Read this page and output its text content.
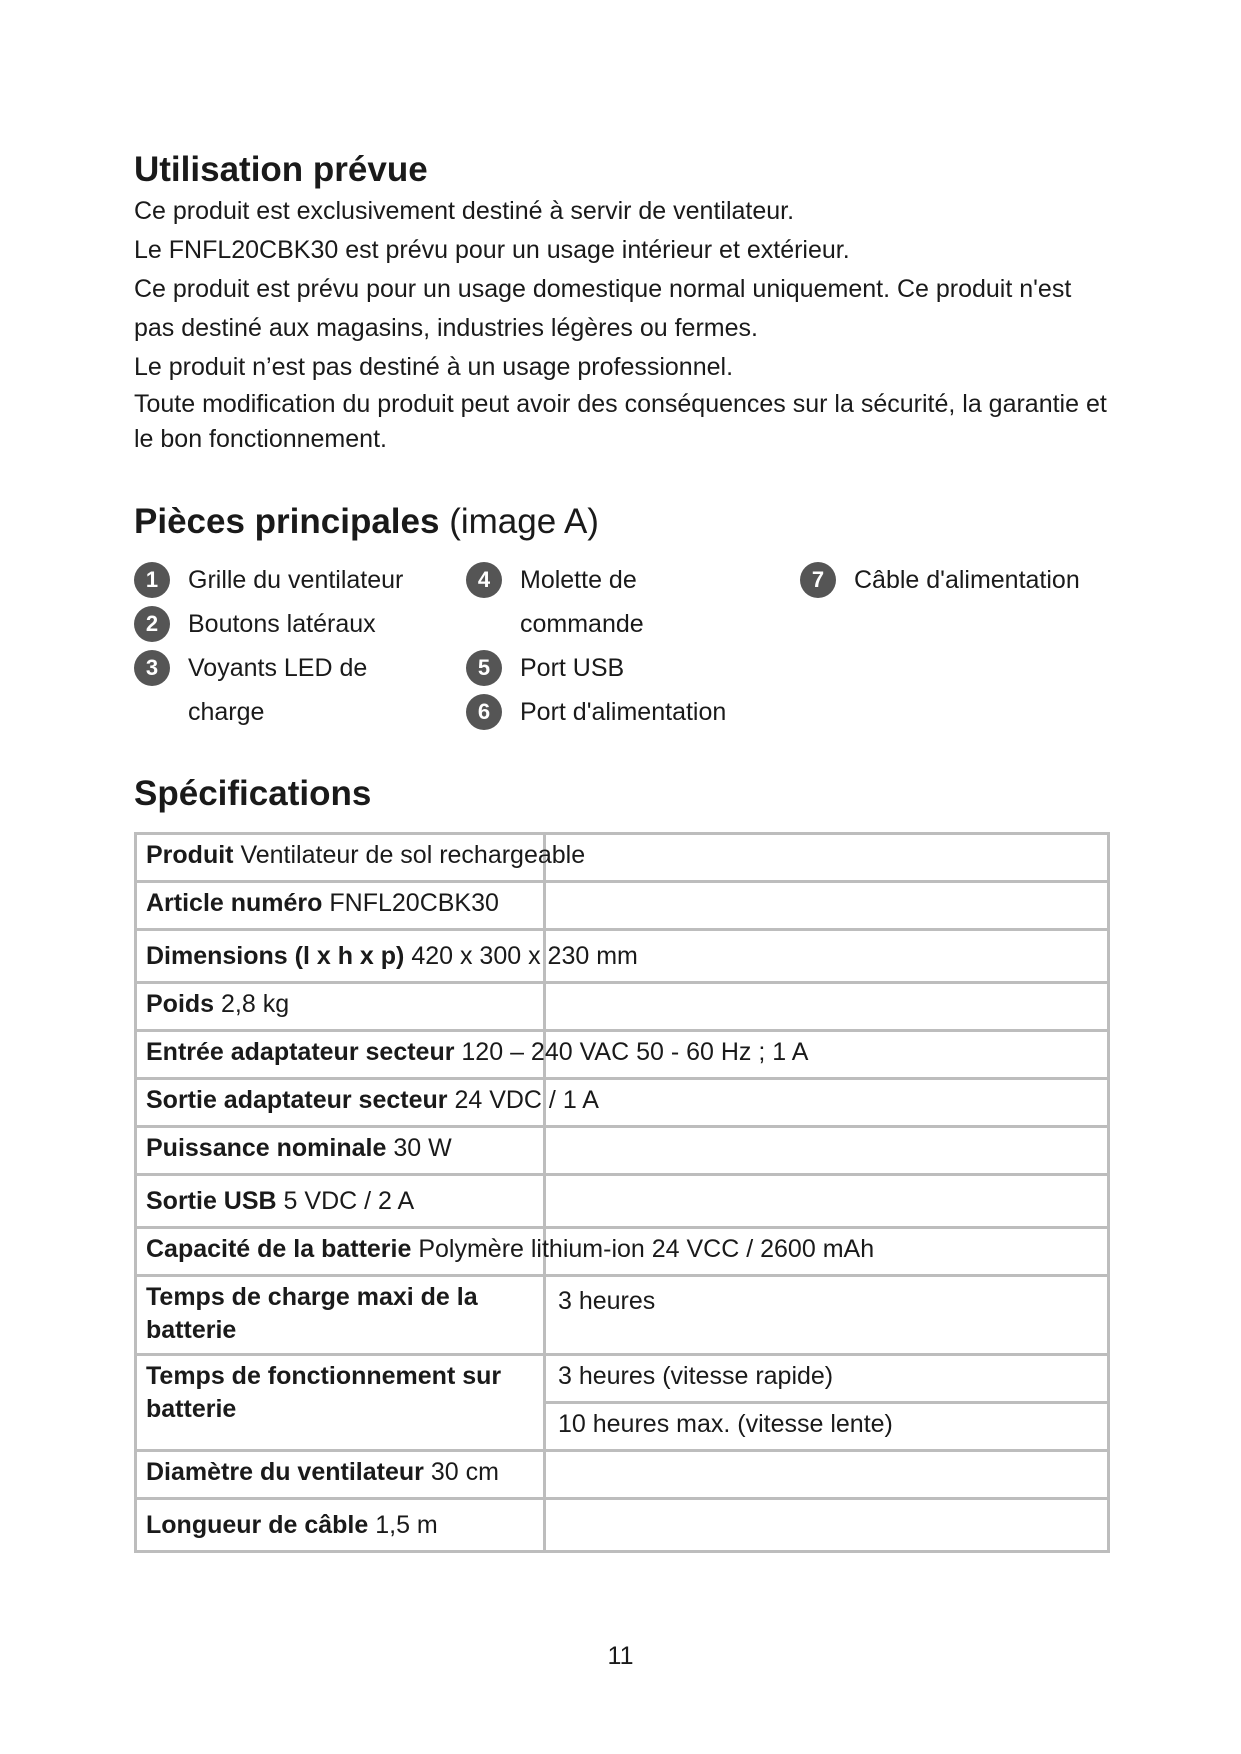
Utilisation prévue

Ce produit est exclusivement destiné à servir de ventilateur.

Le FNFL20CBK30 est prévu pour un usage intérieur et extérieur.

Ce produit est prévu pour un usage domestique normal uniquement. Ce produit n'est pas destiné aux magasins, industries légères ou fermes.

Le produit n’est pas destiné à un usage professionnel.

Toute modification du produit peut avoir des conséquences sur la sécurité, la garantie et le bon fonctionnement.

Pièces principales (image A)
1	Grille du ventilateur
2	Boutons latéraux
3	Voyants LED de charge
4	Molette de commande
5	Port USB
6	Port d'alimentation
7	Câble d'alimentation
Spécifications
Produit Ventilateur de sol rechargeable	
Article numéro FNFL20CBK30	
Dimensions (l x h x p) 420 x 300 x 230 mm	
Poids 2,8 kg	
Entrée adaptateur secteur 120 – 240 VAC 50 - 60 Hz ; 1 A	
Sortie adaptateur secteur 24 VDC / 1 A	
Puissance nominale 30 W	
Sortie USB 5 VDC / 2 A	
Capacité de la batterie Polymère lithium-ion 24 VCC / 2600 mAh	
Temps de charge maxi de la batterie	3 heures
Temps de fonctionnement sur batterie	3 heures (vitesse rapide)
	10 heures max. (vitesse lente)
Diamètre du ventilateur 30 cm	
Longueur de câble 1,5 m	
11
